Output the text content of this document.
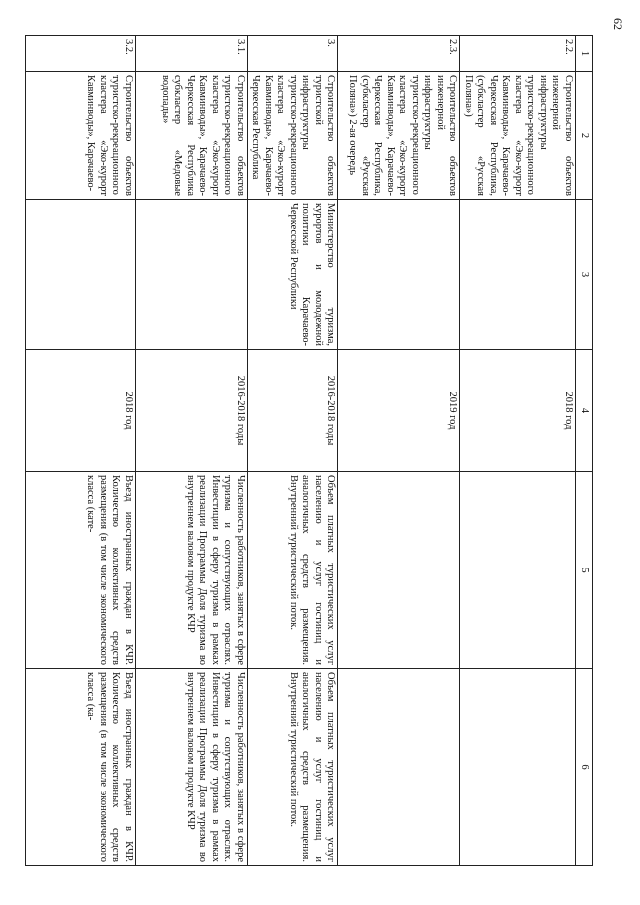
62
1	2	3	4	5	6
2.2.	Строительство объектов инженерной инфраструктуры туристско-рекреационного кластера «Эко-курорт Кавминводы», Карачаево-Черкесская Республика, (субкластер «Русская Поляна»)		2018 год		
2.3.	Строительство объектов инженерной инфраструктуры туристско-рекреационного кластера «Эко-курорт Кавминводы», Карачаево-Черкесская Республика, (субкластер «Русская Поляна») 2-ая очередь		2019 год		
3.	Строительство объектов туристской инфраструктуры туристско-рекреационного кластера «Эко-курорт Кавминводы», Карачаево-Черкесская Республика	Министерство туризма, курортов и молодежной политики Карачаево-Черкесской Республики	2016-2018 годы	Объем платных туристических услуг населению и услуг гостиниц и аналогичных средств размещения. Внутренний туристический поток.	Объем платных туристических услуг населению и услуг гостиниц и аналогичных средств размещения. Внутренний туристический поток.
3.1.	Строительство объектов туристско-рекреационного кластера «Эко-курорт Кавминводы», Карачаево-Черкесская Республика субкластер «Медовые водопады»		2016-2018 годы	Численность работников, занятых в сфере туризма и сопутствующих отраслях. Инвестиции в сферу туризма в рамках реализации Программы Доля туризма во внутреннем валовом продукте КЧР	Численность работников, занятых в сфере туризма и сопутствующих отраслях. Инвестиции в сферу туризма в рамках реализации Программы Доля туризма во внутреннем валовом продукте КЧР
3.2.	Строительство объектов туристско-рекреационного кластера «Эко-курорт Кавминводы», Карачаево-		2018 год	Въезд иностранных граждан в КЧР. Количество коллективных средств размещения (в том числе экономического класса (кате-	Въезд иностранных граждан в КЧР. Количество коллективных средств размещения (в том числе экономического класса (ка-
